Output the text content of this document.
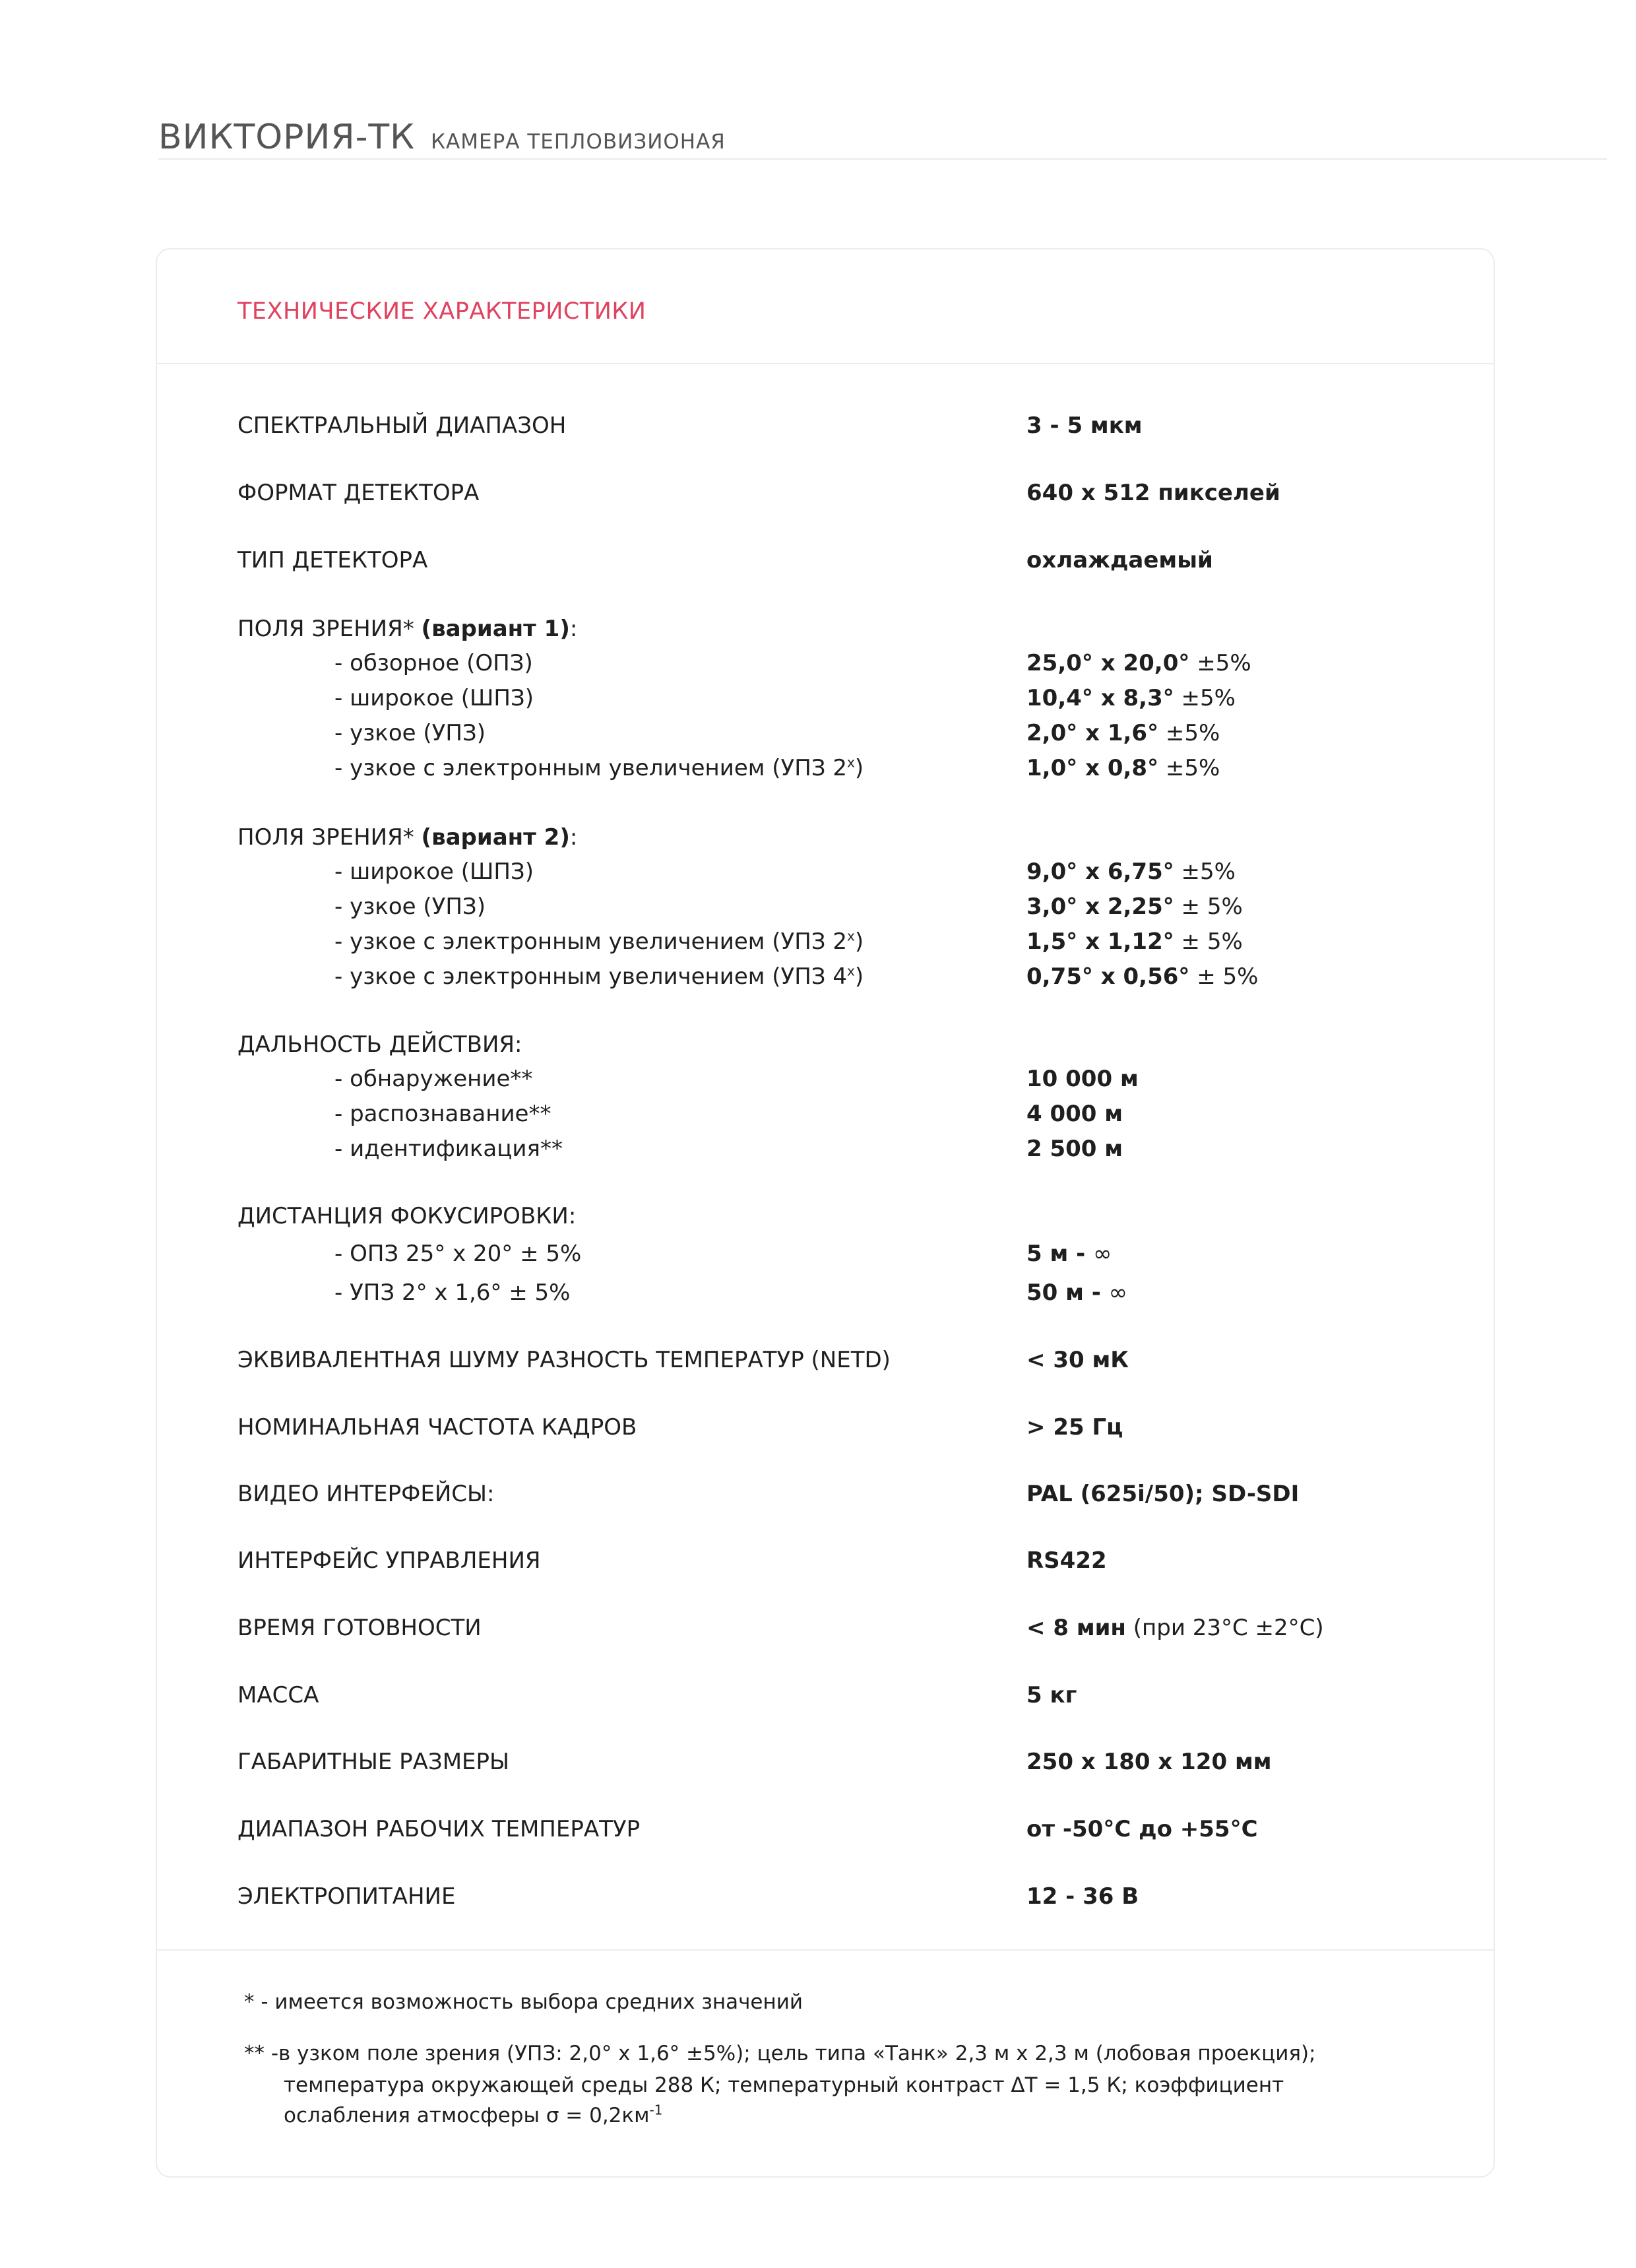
ВИКТОРИЯ-ТК КАМЕРА ТЕПЛОВИЗИОНАЯ
ТЕХНИЧЕСКИЕ ХАРАКТЕРИСТИКИ
СПЕКТРАЛЬНЫЙ ДИАПАЗОН	3 - 5 мкм
ФОРМАТ ДЕТЕКТОРА	640 х 512 пикселей
ТИП ДЕТЕКТОРА	охлаждаемый
ПОЛЯ ЗРЕНИЯ* (вариант 1):
- обзорное (ОПЗ)	25,0° х 20,0° ±5%
- широкое (ШПЗ)	10,4° х 8,3° ±5%
- узкое (УПЗ)	2,0° х 1,6° ±5%
- узкое с электронным увеличением (УПЗ $2^х$)	1,0° х 0,8° ±5%
ПОЛЯ ЗРЕНИЯ* (вариант 2):
- широкое (ШПЗ)	9,0° х 6,75° ±5%
- узкое (УПЗ)	3,0° х 2,25° ± 5%
- узкое с электронным увеличением (УПЗ $2^х$)	1,5° х 1,12° ± 5%
- узкое с электронным увеличением (УПЗ $4^х$)	0,75° х 0,56° ± 5%
ДАЛЬНОСТЬ ДЕЙСТВИЯ:
- обнаружение**	10 000 м
- распознавание**	4 000 м
- идентификация**	2 500 м
ДИСТАНЦИЯ ФОКУСИРОВКИ:
- ОПЗ 25° х 20° ± 5%	5 м - ∞
- УПЗ 2° х 1,6° ± 5%	50 м - ∞
ЭКВИВАЛЕНТНАЯ ШУМУ РАЗНОСТЬ ТЕМПЕРАТУР (NETD)	< 30 мК
НОМИНАЛЬНАЯ ЧАСТОТА КАДРОВ	> 25 Гц
ВИДЕО ИНТЕРФЕЙСЫ:	PAL (625i/50); SD-SDI
ИНТЕРФЕЙС УПРАВЛЕНИЯ	RS422
ВРЕМЯ ГОТОВНОСТИ	< 8 мин (при 23°С ±2°С)
МАССА	5 кг
ГАБАРИТНЫЕ РАЗМЕРЫ	250 х 180 х 120 мм
ДИАПАЗОН РАБОЧИХ ТЕМПЕРАТУР	от -50°С до +55°С
ЭЛЕКТРОПИТАНИЕ	12 - 36 В
* - имеется возможность выбора средних значений
** -в узком поле зрения (УПЗ: 2,0° х 1,6° ±5%); цель типа «Танк» 2,3 м х 2,3 м (лобовая проекция);
температура окружающей среды 288 К; температурный контраст ΔТ = 1,5 К; коэффициент
ослабления атмосферы $\sigma = 0,2км^{-1}$
